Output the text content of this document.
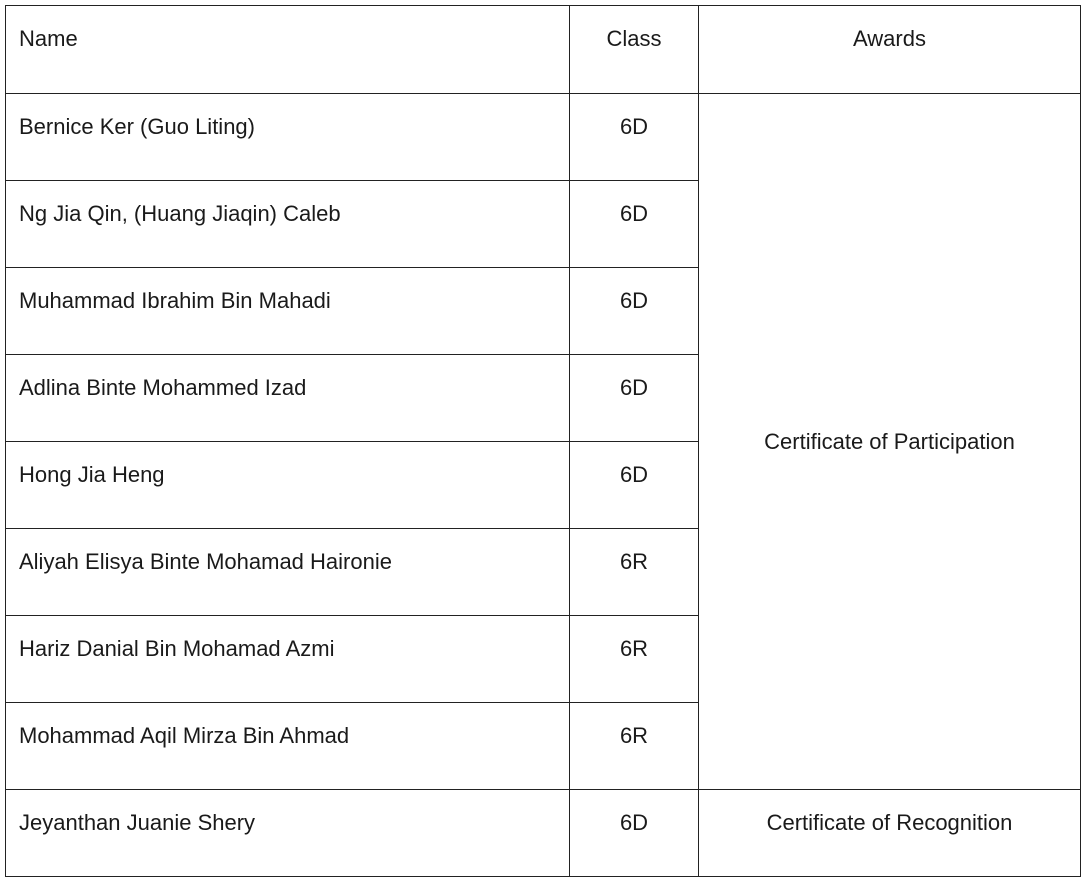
Name	Class	Awards
Bernice Ker (Guo Liting)	6D	Certificate of Participation
Ng Jia Qin, (Huang Jiaqin) Caleb	6D	
Muhammad Ibrahim Bin Mahadi	6D	
Adlina Binte Mohammed Izad	6D	
Hong Jia Heng	6D	
Aliyah Elisya Binte Mohamad Haironie	6R	
Hariz Danial Bin Mohamad Azmi	6R	
Mohammad Aqil Mirza Bin Ahmad	6R	
Jeyanthan Juanie Shery	6D	Certificate of Recognition
